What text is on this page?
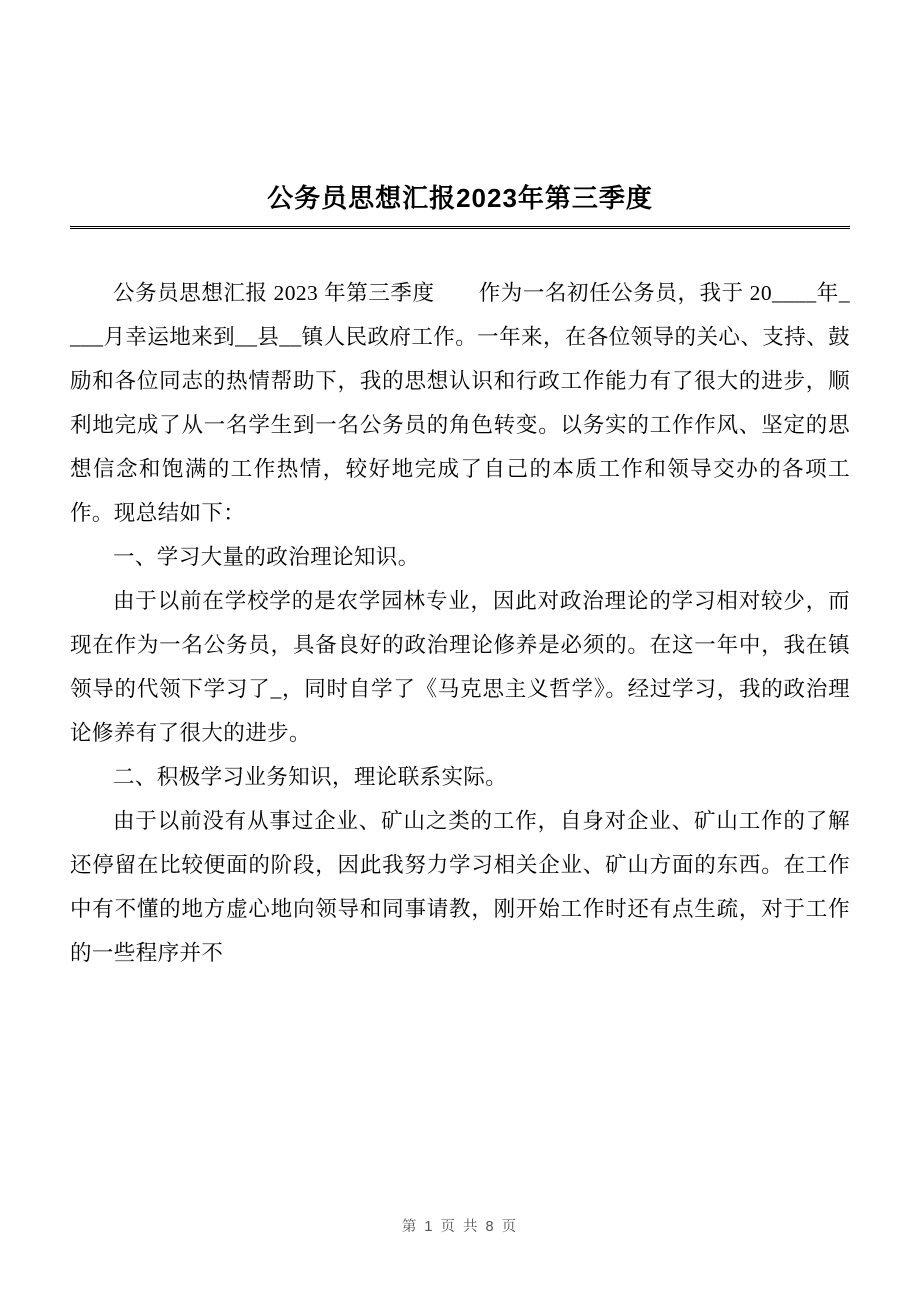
公务员思想汇报2023年第三季度

公务员思想汇报 2023 年第三季度　　作为一名初任公务员，我于 20____年____月幸运地来到__县__镇人民政府工作。一年来，在各位领导的关心、支持、鼓励和各位同志的热情帮助下，我的思想认识和行政工作能力有了很大的进步，顺利地完成了从一名学生到一名公务员的角色转变。以务实的工作作风、坚定的思想信念和饱满的工作热情，较好地完成了自己的本质工作和领导交办的各项工作。现总结如下：

一、学习大量的政治理论知识。

由于以前在学校学的是农学园林专业，因此对政治理论的学习相对较少，而现在作为一名公务员，具备良好的政治理论修养是必须的。在这一年中，我在镇领导的代领下学习了_，同时自学了《马克思主义哲学》。经过学习，我的政治理论修养有了很大的进步。

二、积极学习业务知识，理论联系实际。

由于以前没有从事过企业、矿山之类的工作，自身对企业、矿山工作的了解还停留在比较便面的阶段，因此我努力学习相关企业、矿山方面的东西。在工作中有不懂的地方虚心地向领导和同事请教，刚开始工作时还有点生疏，对于工作的一些程序并不

第 1 页 共 8 页
